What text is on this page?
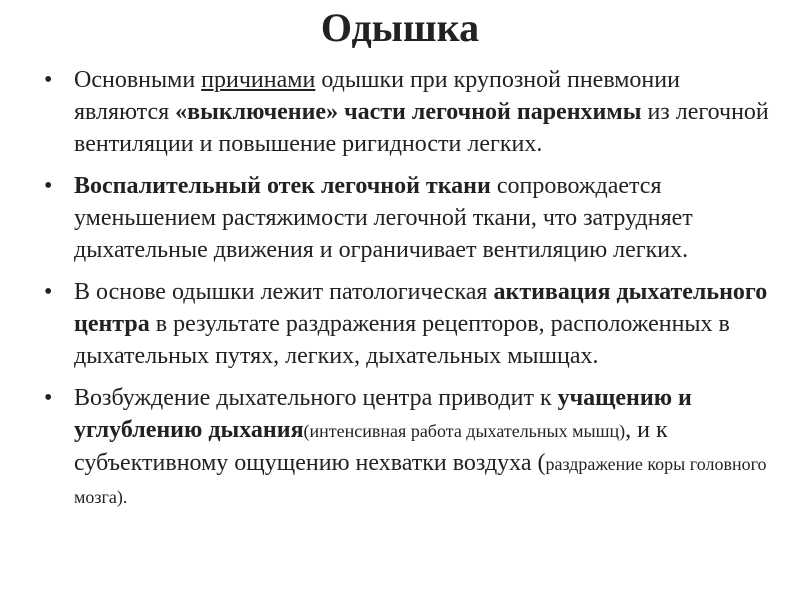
Одышка
• Основными причинами одышки при крупозной пневмонии являются «выключение» части легочной паренхимы из легочной вентиляции и повышение ригидности легких.
• Воспалительный отек легочной ткани сопровождается уменьшением растяжимости легочной ткани, что затрудняет дыхательные движения и ограничивает вентиляцию легких.
• В основе одышки лежит патологическая активация дыхательного центра в результате раздражения рецепторов, расположенных в дыхательных путях, легких, дыхательных мышцах.
• Возбуждение дыхательного центра приводит к учащению и углублению дыхания(интенсивная работа дыхательных мышц), и к субъективному ощущению нехватки воздуха (раздражение коры головного мозга).
